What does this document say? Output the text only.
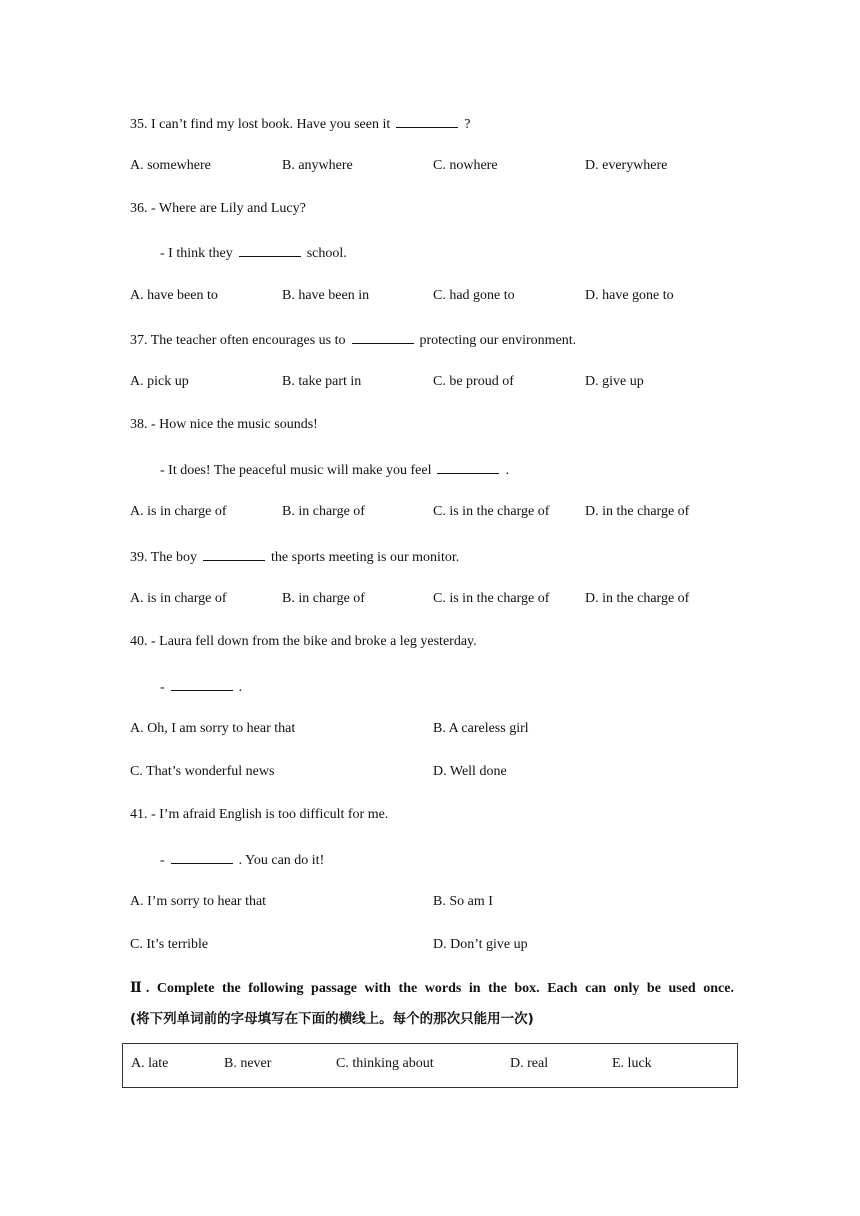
35. I can’t find my lost book. Have you seen it	?
A. somewhere	B. anywhere	C. nowhere	D. everywhere
36. - Where are Lily and Lucy?
- I think they	school.
A. have been to	B. have been in	C. had gone to	D. have gone to
37. The teacher often encourages us to	protecting our environment.
A. pick up	B. take part in	C. be proud of	D. give up
38. - How nice the music sounds!
- It does! The peaceful music will make you feel	.
A. is in charge of	B. in charge of	C. is in the charge of	D. in the charge of
39. The boy	the sports meeting is our monitor.
A. is in charge of	B. in charge of	C. is in the charge of	D. in the charge of
40. - Laura fell down from the bike and broke a leg yesterday.
-	.
A. Oh, I am sorry to hear that	B. A careless girl
C. That’s wonderful news	D. Well done
41. - I’m afraid English is too difficult for me.
-	. You can do it!
A. I’m sorry to hear that	B. So am I
C. It’s terrible	D. Don’t give up
Ⅱ. Complete the following passage with the words in the box. Each can only be used once.
(将下列单词前的字母填写在下面的横线上。每个的那次只能用一次)
A. late	B. never	C. thinking about	D. real	E. luck
